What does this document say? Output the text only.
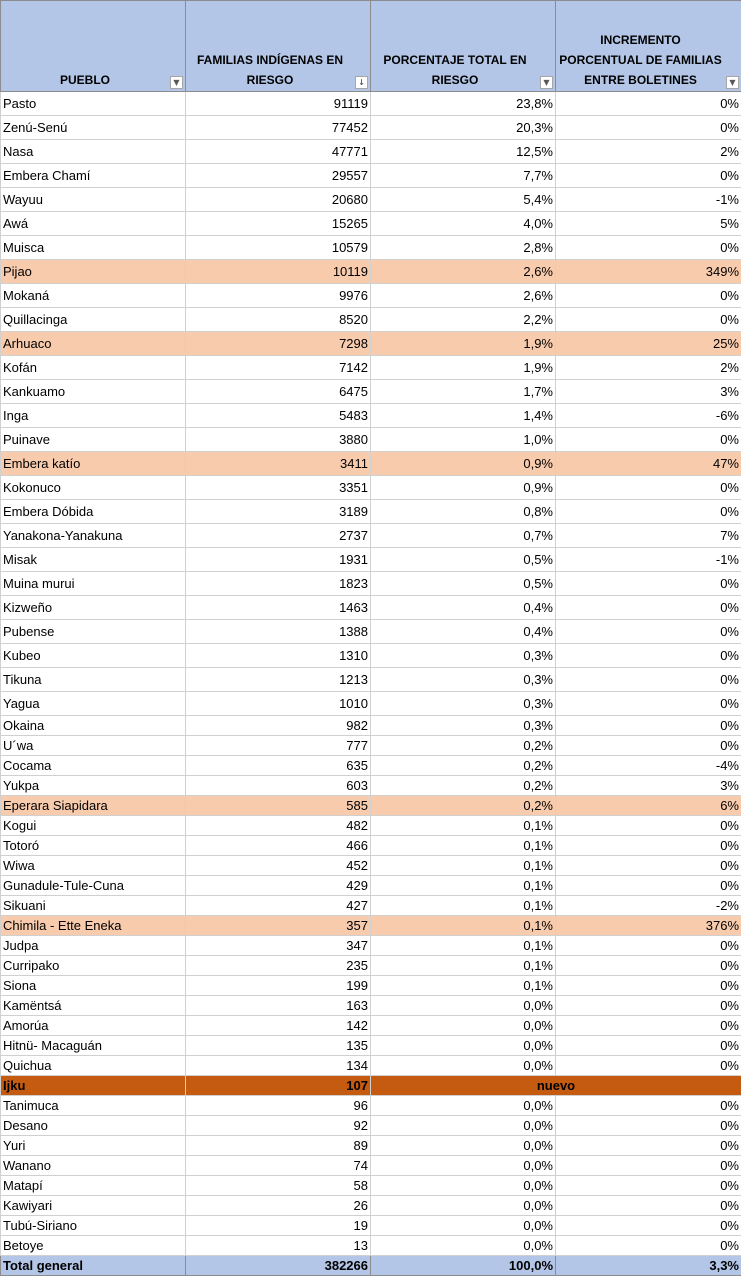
PUEBLO ▼	FAMILIAS INDÍGENAS EN RIESGO ↓	PORCENTAJE TOTAL EN RIESGO ▼	INCREMENTO PORCENTUAL DE FAMILIAS ENTRE BOLETINES ▼

Pasto	91119	23,8%	0%
Zenú-Senú	77452	20,3%	0%
Nasa	47771	12,5%	2%
Embera Chamí	29557	7,7%	0%
Wayuu	20680	5,4%	-1%
Awá	15265	4,0%	5%
Muisca	10579	2,8%	0%
Pijao	10119	2,6%	349%
Mokaná	9976	2,6%	0%
Quillacinga	8520	2,2%	0%
Arhuaco	7298	1,9%	25%
Kofán	7142	1,9%	2%
Kankuamo	6475	1,7%	3%
Inga	5483	1,4%	-6%
Puinave	3880	1,0%	0%
Embera katío	3411	0,9%	47%
Kokonuco	3351	0,9%	0%
Embera Dóbida	3189	0,8%	0%
Yanakona-Yanakuna	2737	0,7%	7%
Misak	1931	0,5%	-1%
Muina murui	1823	0,5%	0%
Kizweño	1463	0,4%	0%
Pubense	1388	0,4%	0%
Kubeo	1310	0,3%	0%
Tikuna	1213	0,3%	0%
Yagua	1010	0,3%	0%
Okaina	982	0,3%	0%
U´wa	777	0,2%	0%
Cocama	635	0,2%	-4%
Yukpa	603	0,2%	3%
Eperara Siapidara	585	0,2%	6%
Kogui	482	0,1%	0%
Totoró	466	0,1%	0%
Wiwa	452	0,1%	0%
Gunadule-Tule-Cuna	429	0,1%	0%
Sikuani	427	0,1%	-2%
Chimila - Ette Eneka	357	0,1%	376%
Judpa	347	0,1%	0%
Curripako	235	0,1%	0%
Siona	199	0,1%	0%
Kamëntsá	163	0,0%	0%
Amorúa	142	0,0%	0%
Hitnü- Macaguán	135	0,0%	0%
Quichua	134	0,0%	0%
Ijku	107	nuevo	
Tanimuca	96	0,0%	0%
Desano	92	0,0%	0%
Yuri	89	0,0%	0%
Wanano	74	0,0%	0%
Matapí	58	0,0%	0%
Kawiyari	26	0,0%	0%
Tubú-Siriano	19	0,0%	0%
Betoye	13	0,0%	0%
Total general	382266	100,0%	3,3%
